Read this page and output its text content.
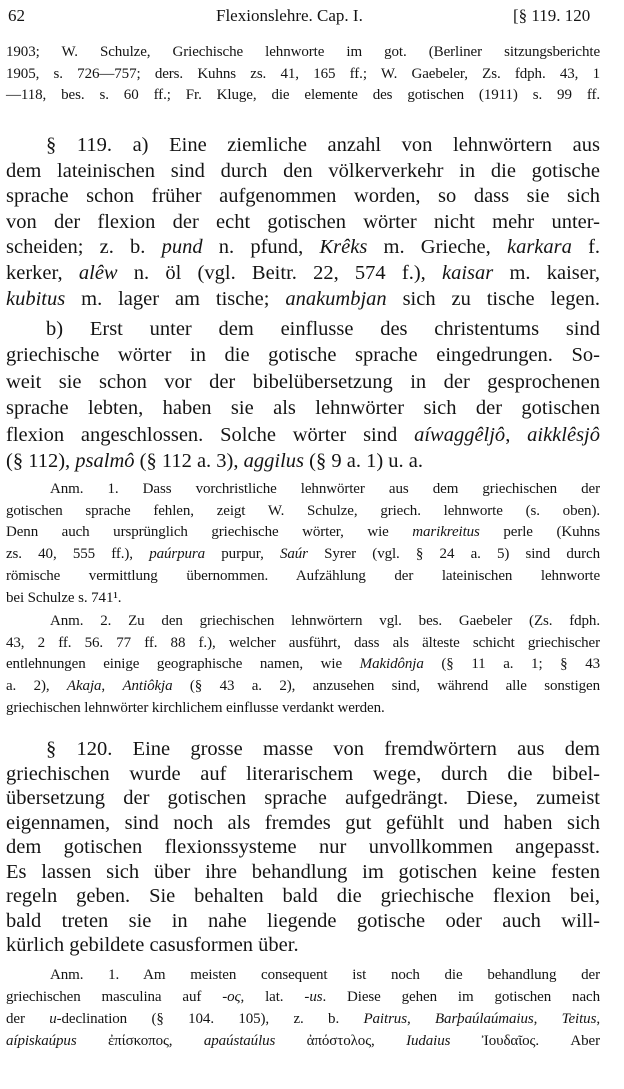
62	Flexionslehre. Cap. I.	[§ 119. 120
1903; W. Schulze, Griechische lehnworte im got. (Berliner sitzungsberichte
1905, s. 726—757; ders. Kuhns zs. 41, 165 ff.; W. Gaebeler, Zs. fdph. 43, 1
—118, bes. s. 60 ff.; Fr. Kluge, die elemente des gotischen (1911) s. 99 ff.
§ 119. a) Eine ziemliche anzahl von lehnwörtern aus
dem lateinischen sind durch den völkerverkehr in die gotische
sprache schon früher aufgenommen worden, so dass sie sich
von der flexion der echt gotischen wörter nicht mehr unter-
scheiden; z. b. pund n. pfund, Krêks m. Grieche, karkara f.
kerker, alêw n. öl (vgl. Beitr. 22, 574 f.), kaisar m. kaiser,
kubitus m. lager am tische; anakumbjan sich zu tische legen.
b) Erst unter dem einflusse des christentums sind
griechische wörter in die gotische sprache eingedrungen. So-
weit sie schon vor der bibelübersetzung in der gesprochenen
sprache lebten, haben sie als lehnwörter sich der gotischen
flexion angeschlossen. Solche wörter sind aíwaggêljô, aikklêsjô
(§ 112), psalmô (§ 112 a. 3), aggilus (§ 9 a. 1) u. a.
Anm. 1. Dass vorchristliche lehnwörter aus dem griechischen der
gotischen sprache fehlen, zeigt W. Schulze, griech. lehnworte (s. oben).
Denn auch ursprünglich griechische wörter, wie marikreitus perle (Kuhns
zs. 40, 555 ff.), paúrpura purpur, Saúr Syrer (vgl. § 24 a. 5) sind durch
römische vermittlung übernommen. Aufzählung der lateinischen lehnworte
bei Schulze s. 741¹.
Anm. 2. Zu den griechischen lehnwörtern vgl. bes. Gaebeler (Zs. fdph.
43, 2 ff. 56. 77 ff. 88 f.), welcher ausführt, dass als älteste schicht griechischer
entlehnungen einige geographische namen, wie Makidônja (§ 11 a. 1; § 43
a. 2), Akaja, Antiôkja (§ 43 a. 2), anzusehen sind, während alle sonstigen
griechischen lehnwörter kirchlichem einflusse verdankt werden.
§ 120. Eine grosse masse von fremdwörtern aus dem
griechischen wurde auf literarischem wege, durch die bibel-
übersetzung der gotischen sprache aufgedrängt. Diese, zumeist
eigennamen, sind noch als fremdes gut gefühlt und haben sich
dem gotischen flexionssysteme nur unvollkommen angepasst.
Es lassen sich über ihre behandlung im gotischen keine festen
regeln geben. Sie behalten bald die griechische flexion bei,
bald treten sie in nahe liegende gotische oder auch will-
kürlich gebildete casusformen über.
Anm. 1. Am meisten consequent ist noch die behandlung der
griechischen masculina auf -ος, lat. -us. Diese gehen im gotischen nach
der u-declination (§ 104. 105), z. b. Paitrus, Barþaúlaúmaius, Teitus,
aípiskaúpus ἐπίσκοπος, apaústaúlus ἀπόστολος, Iudaius Ἰουδαῖος. Aber
